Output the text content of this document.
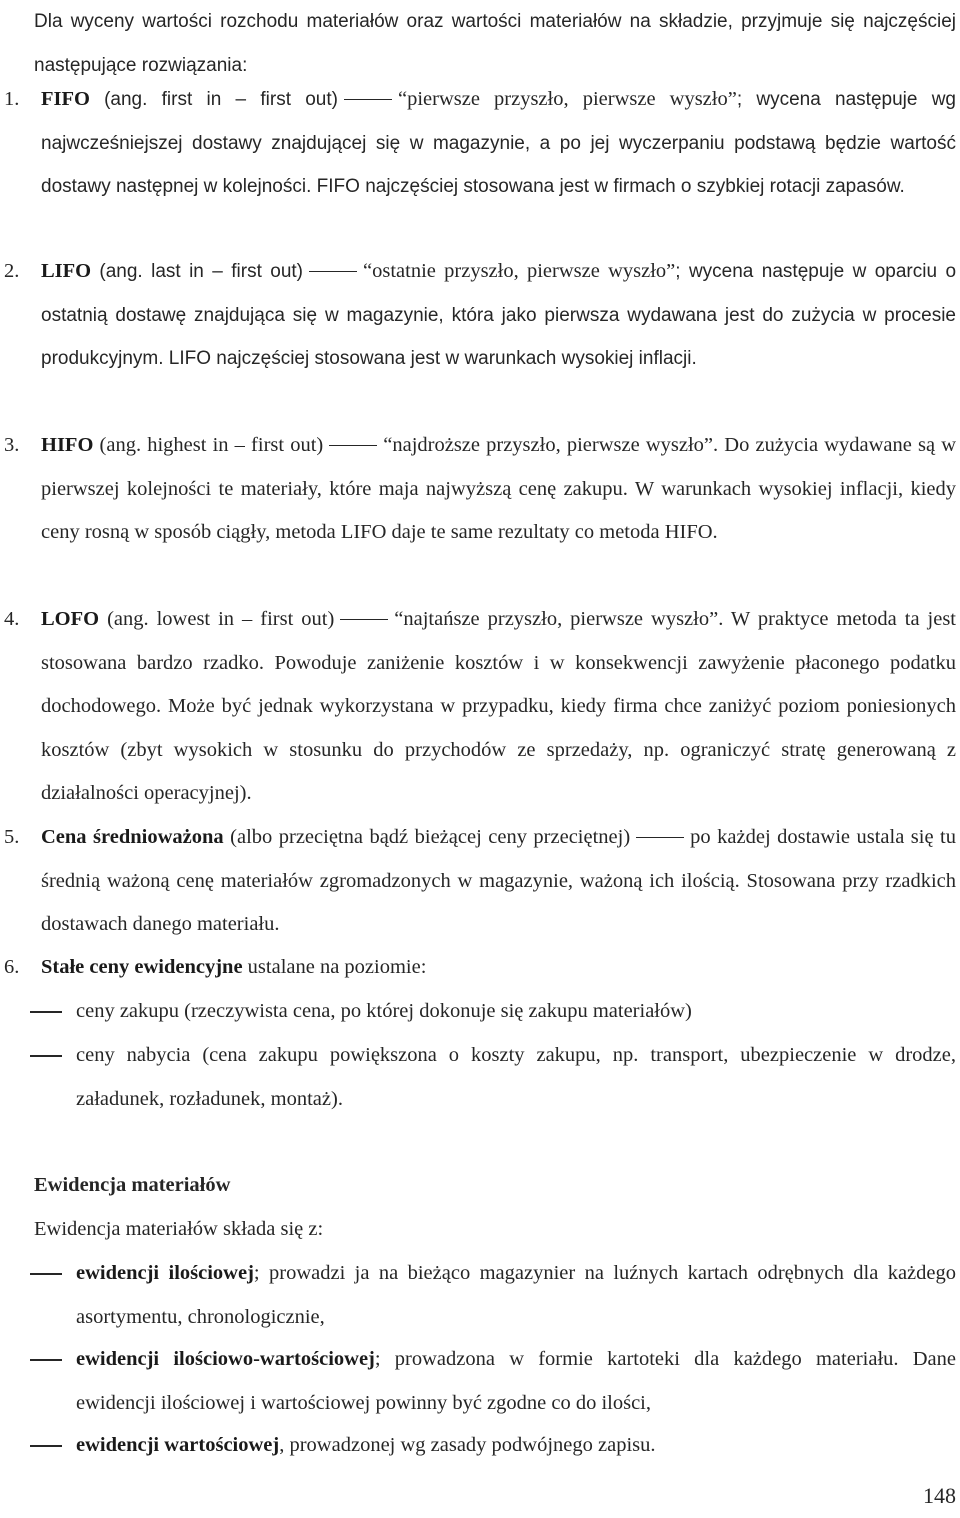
Dla wyceny wartości rozchodu materiałów oraz wartości materiałów na składzie, przyjmuje się najczęściej następujące rozwiązania:
1.	FIFO (ang. first in – first out)	“pierwsze przyszło, pierwsze wyszło”; wycena następuje wg najwcześniejszej dostawy znajdującej się w magazynie, a po jej wyczerpaniu podstawą będzie wartość dostawy następnej w kolejności. FIFO najczęściej stosowana jest w firmach o szybkiej rotacji zapasów.
2.	LIFO (ang. last in – first out)	“ostatnie przyszło, pierwsze wyszło”; wycena następuje w oparciu o ostatnią dostawę znajdująca się w magazynie, która jako pierwsza wydawana jest do zużycia w procesie produkcyjnym. LIFO najczęściej stosowana jest w warunkach wysokiej inflacji.
3.	HIFO (ang. highest in – first out)	“najdroższe przyszło, pierwsze wyszło”. Do zużycia wydawane są w pierwszej kolejności te materiały, które maja najwyższą cenę zakupu. W warunkach wysokiej inflacji, kiedy ceny rosną w sposób ciągły, metoda LIFO daje te same rezultaty co metoda HIFO.
4.	LOFO (ang. lowest in – first out)	“najtańsze przyszło, pierwsze wyszło”. W praktyce metoda ta jest stosowana bardzo rzadko. Powoduje zaniżenie kosztów i w konsekwencji zawyżenie płaconego podatku dochodowego. Może być jednak wykorzystana w przypadku, kiedy firma chce zaniżyć poziom poniesionych kosztów (zbyt wysokich w stosunku do przychodów ze sprzedaży, np. ograniczyć stratę generowaną z działalności operacyjnej).
5.	Cena średnioważona (albo przeciętna bądź bieżącej ceny przeciętnej)	po każdej dostawie ustala się tu średnią ważoną cenę materiałów zgromadzonych w magazynie, ważoną ich ilością. Stosowana przy rzadkich dostawach danego materiału.
6.	Stałe ceny ewidencyjne ustalane na poziomie:
ceny zakupu (rzeczywista cena, po której dokonuje się zakupu materiałów)
ceny nabycia (cena zakupu powiększona o koszty zakupu, np. transport, ubezpieczenie w drodze, załadunek, rozładunek, montaż).
Ewidencja materiałów
Ewidencja materiałów składa się z:
ewidencji ilościowej; prowadzi ja na bieżąco magazynier na luźnych kartach odrębnych dla każdego asortymentu, chronologicznie,
ewidencji ilościowo-wartościowej; prowadzona w formie kartoteki dla każdego materiału. Dane ewidencji ilościowej i wartościowej powinny być zgodne co do ilości,
ewidencji wartościowej, prowadzonej wg zasady podwójnego zapisu.
148
